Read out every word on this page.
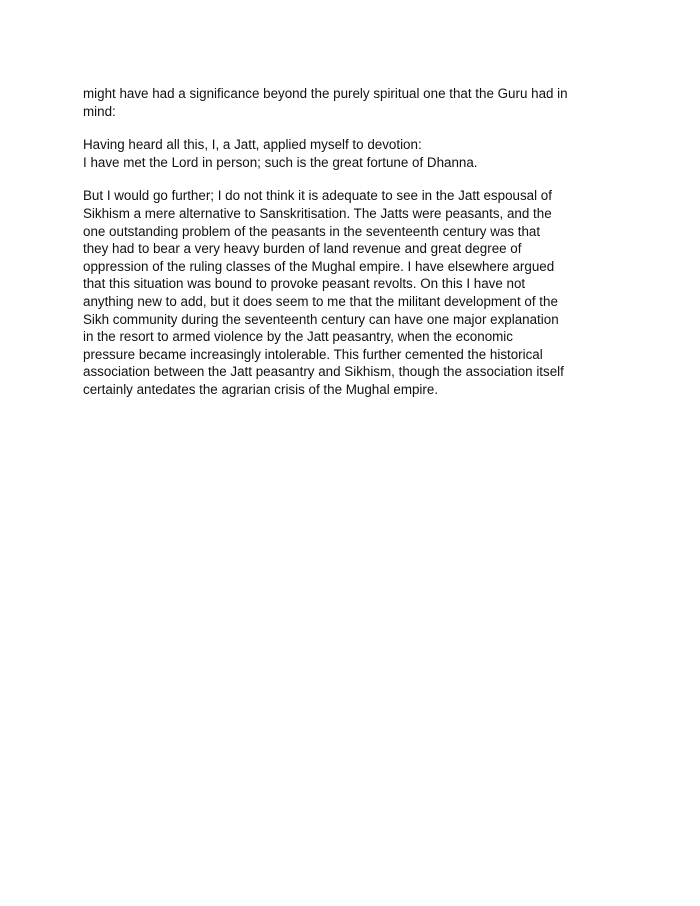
might have had a significance beyond the purely spiritual one that the Guru had in
mind:

Having heard all this, I, a Jatt, applied myself to devotion:
I have met the Lord in person; such is the great fortune of Dhanna.

But I would go further; I do not think it is adequate to see in the Jatt espousal of
Sikhism a mere alternative to Sanskritisation. The Jatts were peasants, and the
one outstanding problem of the peasants in the seventeenth century was that
they had to bear a very heavy burden of land revenue and great degree of
oppression of the ruling classes of the Mughal empire. I have elsewhere argued
that this situation was bound to provoke peasant revolts. On this I have not
anything new to add, but it does seem to me that the militant development of the
Sikh community during the seventeenth century can have one major explanation
in the resort to armed violence by the Jatt peasantry, when the economic
pressure became increasingly intolerable. This further cemented the historical
association between the Jatt peasantry and Sikhism, though the association itself
certainly antedates the agrarian crisis of the Mughal empire.
